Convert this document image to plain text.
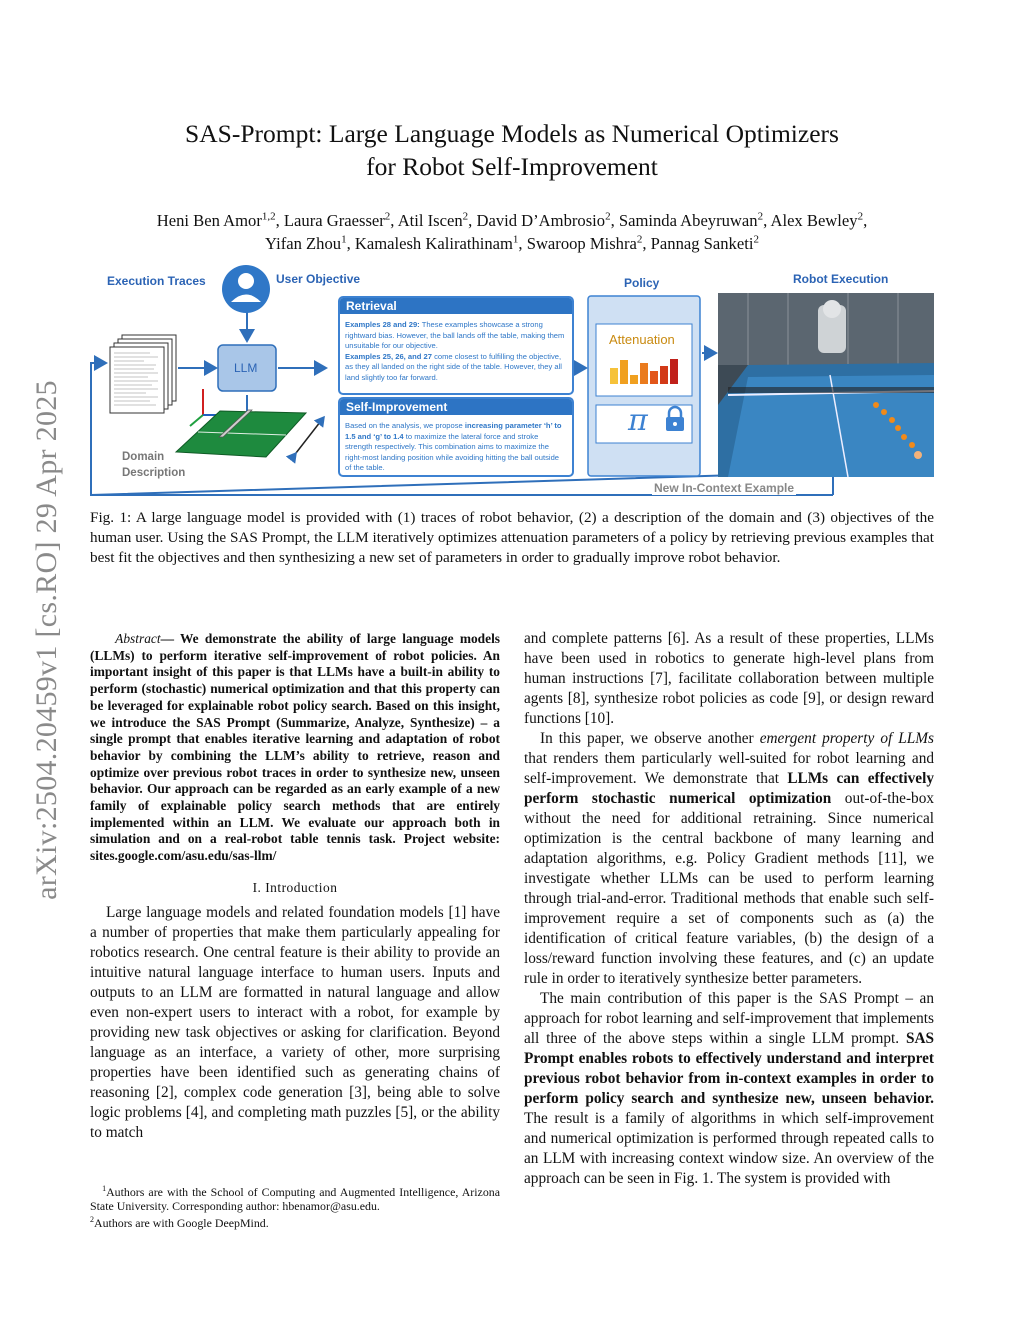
arXiv:2504.20459v1 [cs.RO] 29 Apr 2025
SAS-Prompt: Large Language Models as Numerical Optimizers
for Robot Self-Improvement
Heni Ben Amor$^{1,2}$, Laura Graesser$^2$, Atil Iscen$^2$, David D’Ambrosio$^2$, Saminda Abeyruwan$^2$, Alex Bewley$^2$,
Yifan Zhou$^1$, Kamalesh Kalirathinam$^1$, Swaroop Mishra$^2$, Pannag Sanketi$^2$
Execution Traces	User Objective
LLM
Domain
Description
Retrieval
Examples 28 and 29: These examples showcase a strong rightward bias. However, the ball lands off the table, making them unsuitable for our objective.
Examples 25, 26, and 27 come closest to fulfilling the objective, as they all landed on the right side of the table. However, they all land slightly too far forward.
Self-Improvement
Based on the analysis, we propose increasing parameter ‘h’ to 1.5 and ‘g’ to 1.4 to maximize the lateral force and stroke strength respectively. This combination aims to maximize the right-most landing position while avoiding hitting the ball outside of the table.
Policy
Attenuation
π
Robot Execution
New In-Context Example
Fig. 1: A large language model is provided with (1) traces of robot behavior, (2) a description of the domain and (3) objectives of the human user. Using the SAS Prompt, the LLM iteratively optimizes attenuation parameters of a policy by retrieving previous examples that best fit the objectives and then synthesizing a new set of parameters in order to gradually improve robot behavior.
Abstract— We demonstrate the ability of large language models (LLMs) to perform iterative self-improvement of robot policies. An important insight of this paper is that LLMs have a built-in ability to perform (stochastic) numerical optimization and that this property can be leveraged for explainable robot policy search. Based on this insight, we introduce the SAS Prompt (Summarize, Analyze, Synthesize) – a single prompt that enables iterative learning and adaptation of robot behavior by combining the LLM’s ability to retrieve, reason and optimize over previous robot traces in order to synthesize new, unseen behavior. Our approach can be regarded as an early example of a new family of explainable policy search methods that are entirely implemented within an LLM. We evaluate our approach both in simulation and on a real-robot table tennis task. Project website: sites.google.com/asu.edu/sas-llm/
I. Introduction

Large language models and related foundation models [1] have a number of properties that make them particularly appealing for robotics research. One central feature is their ability to provide an intuitive natural language interface to human users. Inputs and outputs to an LLM are formatted in natural language and allow even non-expert users to interact with a robot, for example by providing new task objectives or asking for clarification. Beyond language as an interface, a variety of other, more surprising properties have been identified such as generating chains of reasoning [2], complex code generation [3], being able to solve logic problems [4], and completing math puzzles [5], or the ability to match

$^1$Authors are with the School of Computing and Augmented Intelligence, Arizona State University. Corresponding author: hbenamor@asu.edu.
$^2$Authors are with Google DeepMind.

and complete patterns [6]. As a result of these properties, LLMs have been used in robotics to generate high-level plans from human instructions [7], facilitate collaboration between multiple agents [8], synthesize robot policies as code [9], or design reward functions [10].

In this paper, we observe another emergent property of LLMs that renders them particularly well-suited for robot learning and self-improvement. We demonstrate that LLMs can effectively perform stochastic numerical optimization out-of-the-box without the need for additional retraining. Since numerical optimization is the central backbone of many learning and adaptation algorithms, e.g. Policy Gradient methods [11], we investigate whether LLMs can be used to perform learning through trial-and-error. Traditional methods that enable such self-improvement require a set of components such as (a) the identification of critical feature variables, (b) the design of a loss/reward function involving these features, and (c) an update rule in order to iteratively synthesize better parameters.

The main contribution of this paper is the SAS Prompt – an approach for robot learning and self-improvement that implements all three of the above steps within a single LLM prompt. SAS Prompt enables robots to effectively understand and interpret previous robot behavior from in-context examples in order to perform policy search and synthesize new, unseen behavior. The result is a family of algorithms in which self-improvement and numerical optimization is performed through repeated calls to an LLM with increasing context window size. An overview of the approach can be seen in Fig. 1. The system is provided with
